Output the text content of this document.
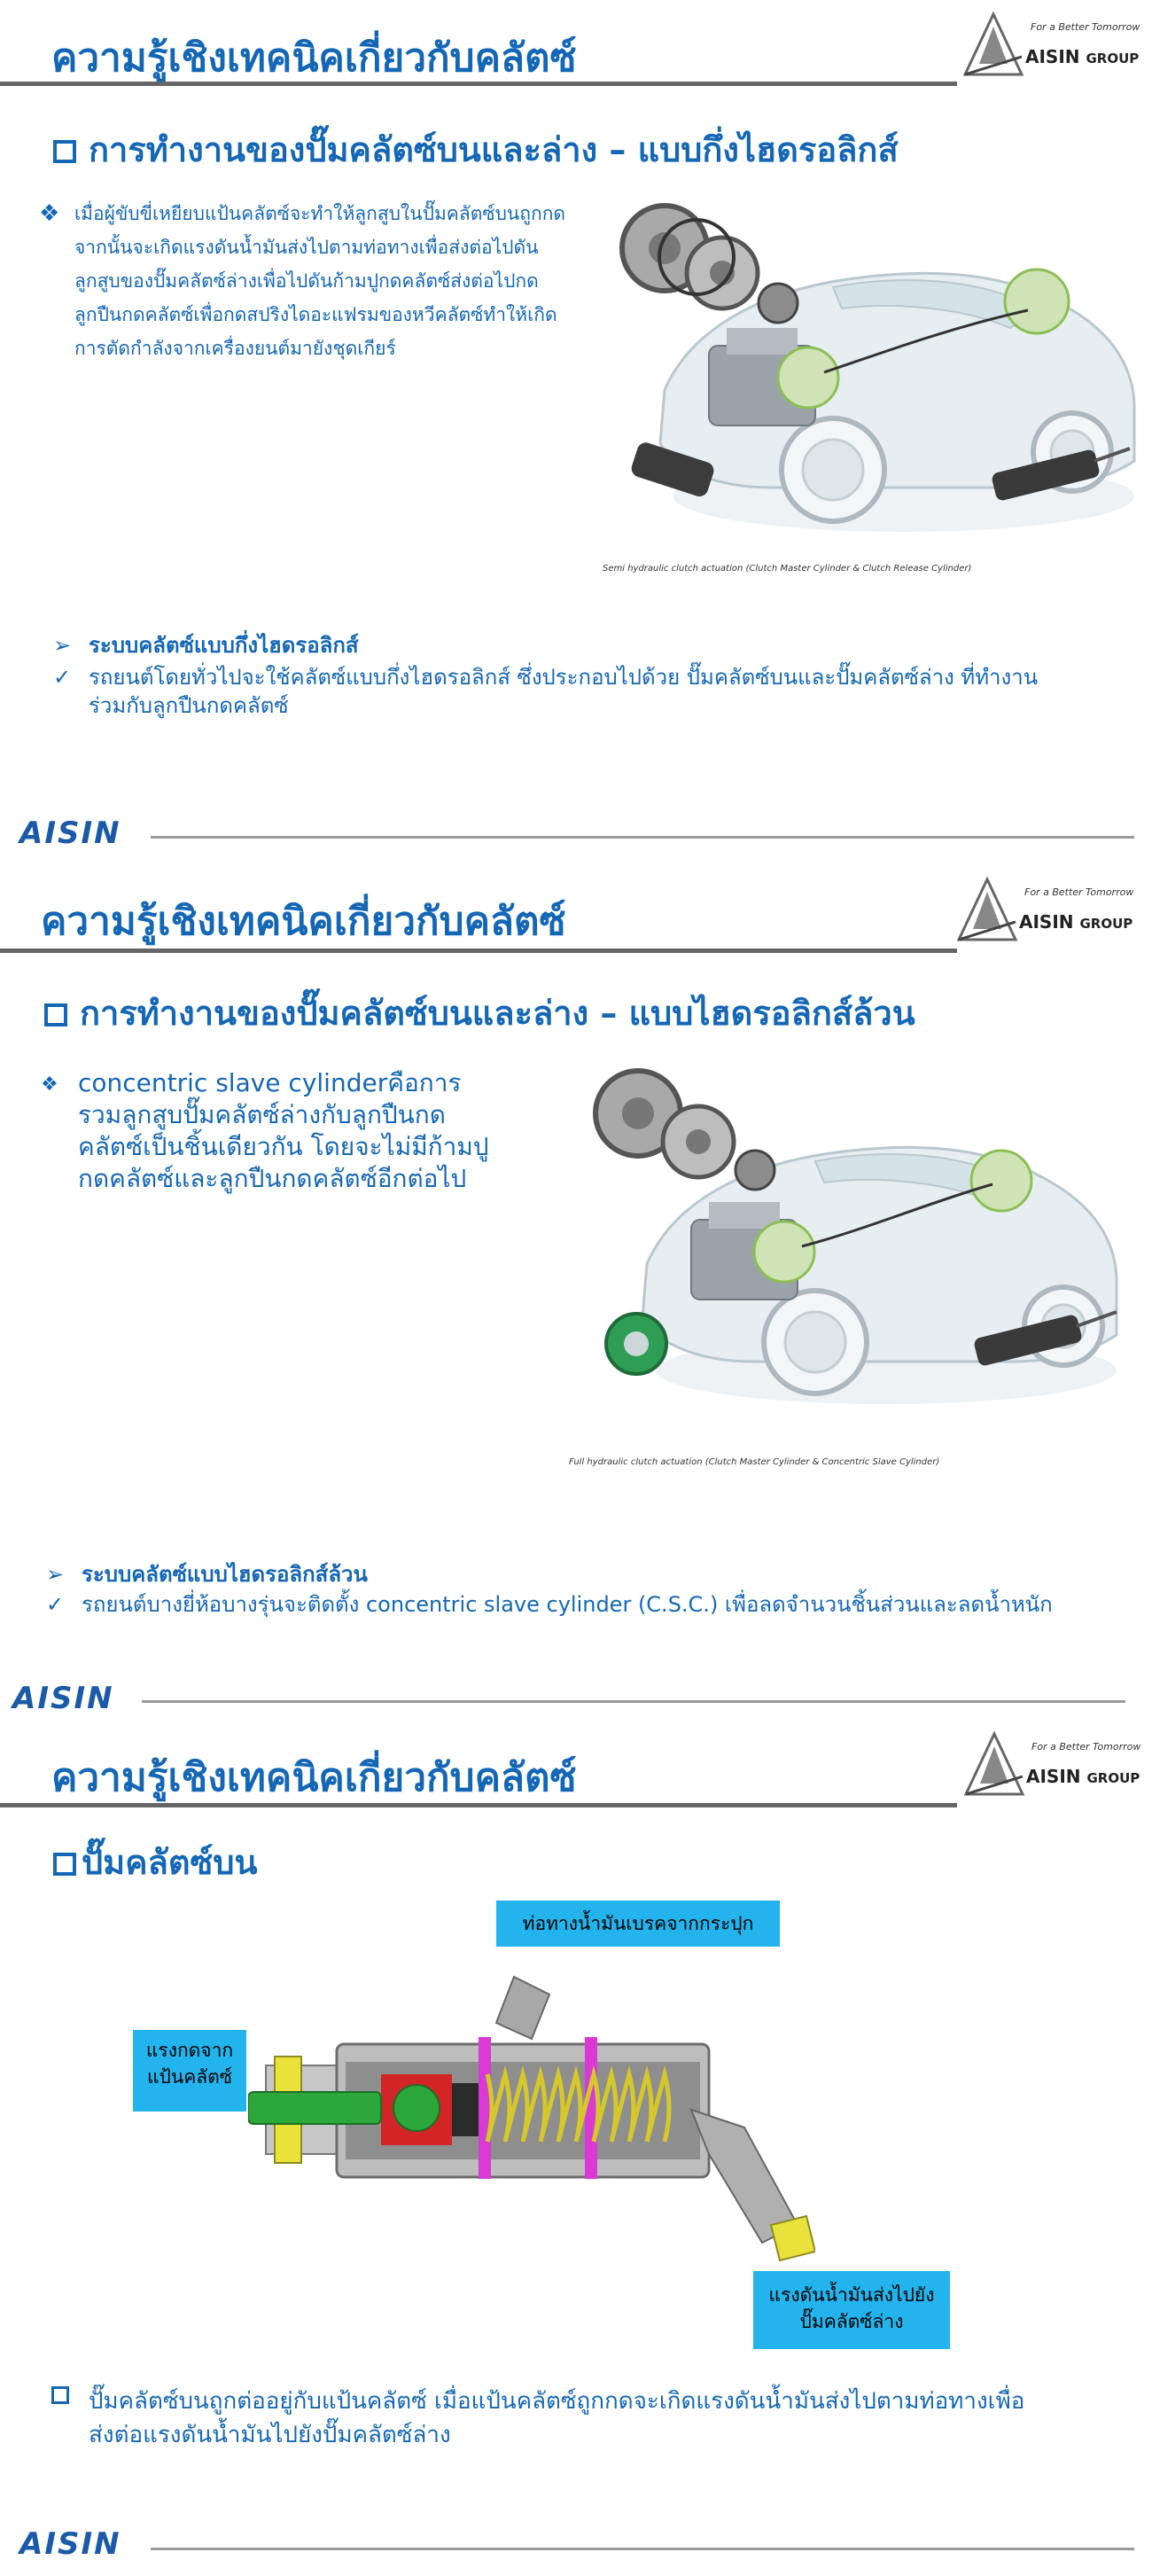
ความรู้เชิงเทคนิคเกี่ยวกับคลัตซ์
For a Better Tomorrow
AISIN GROUP
การทำงานของปั๊มคลัตซ์บนและล่าง – แบบกึ่งไฮดรอลิกส์
❖ เมื่อผู้ขับขี่เหยียบแป้นคลัตซ์จะทำให้ลูกสูบในปั๊มคลัตซ์บนถูกกด
จากนั้นจะเกิดแรงดันน้ำมันส่งไปตามท่อทางเพื่อส่งต่อไปดัน
ลูกสูบของปั๊มคลัตซ์ล่างเพื่อไปดันก้ามปูกดคลัตซ์ส่งต่อไปกด
ลูกปืนกดคลัตซ์เพื่อกดสปริงไดอะแฟรมของหวีคลัตซ์ทำให้เกิด
การตัดกำลังจากเครื่องยนต์มายังชุดเกียร์
Semi hydraulic clutch actuation (Clutch Master Cylinder & Clutch Release Cylinder)
➢ ระบบคลัตซ์แบบกึ่งไฮดรอลิกส์
✓ รถยนต์โดยทั่วไปจะใช้คลัตซ์แบบกึ่งไฮดรอลิกส์ ซึ่งประกอบไปด้วย ปั๊มคลัตซ์บนและปั๊มคลัตซ์ล่าง ที่ทำงาน
ร่วมกับลูกปืนกดคลัตซ์
AISIN
ความรู้เชิงเทคนิคเกี่ยวกับคลัตซ์
For a Better Tomorrow
AISIN GROUP
การทำงานของปั๊มคลัตซ์บนและล่าง – แบบไฮดรอลิกส์ล้วน
❖ concentric slave cylinderคือการ
รวมลูกสูบปั๊มคลัตซ์ล่างกับลูกปืนกด
คลัตซ์เป็นชิ้นเดียวกัน โดยจะไม่มีก้ามปู
กดคลัตซ์และลูกปืนกดคลัตซ์อีกต่อไป
Full hydraulic clutch actuation (Clutch Master Cylinder & Concentric Slave Cylinder)
➢ ระบบคลัตซ์แบบไฮดรอลิกส์ล้วน
✓ รถยนต์บางยี่ห้อบางรุ่นจะติดตั้ง concentric slave cylinder (C.S.C.) เพื่อลดจำนวนชิ้นส่วนและลดน้ำหนัก
AISIN
ความรู้เชิงเทคนิคเกี่ยวกับคลัตซ์
For a Better Tomorrow
AISIN GROUP
ปั๊มคลัตซ์บน
ท่อทางน้ำมันเบรคจากกระปุก
แรงกดจาก
แป้นคลัตซ์
แรงดันน้ำมันส่งไปยัง
ปั๊มคลัตซ์ล่าง
ปั๊มคลัตซ์บนถูกต่ออยู่กับแป้นคลัตซ์ เมื่อแป้นคลัตซ์ถูกกดจะเกิดแรงดันน้ำมันส่งไปตามท่อทางเพื่อ
ส่งต่อแรงดันน้ำมันไปยังปั๊มคลัตซ์ล่าง
AISIN
